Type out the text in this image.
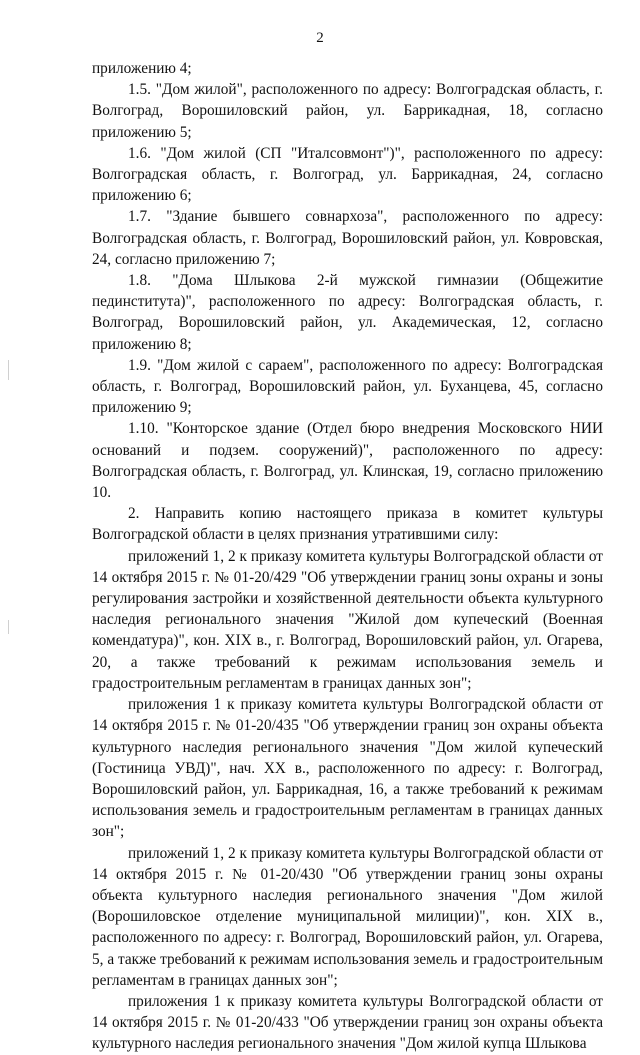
2

приложению 4;

1.5. "Дом жилой", расположенного по адресу: Волгоградская область, г. Волгоград, Ворошиловский район, ул. Баррикадная, 18, согласно приложению 5;

1.6. "Дом жилой (СП "Италсовмонт")", расположенного по адресу: Волгоградская область, г. Волгоград, ул. Баррикадная, 24, согласно приложению 6;

1.7. "Здание бывшего совнархоза", расположенного по адресу: Волгоградская область, г. Волгоград, Ворошиловский район, ул. Ковровская, 24, согласно приложению 7;

1.8. "Дома Шлыкова 2-й мужской гимназии (Общежитие пединститута)", расположенного по адресу: Волгоградская область, г. Волгоград, Ворошиловский район, ул. Академическая, 12, согласно приложению 8;

1.9. "Дом жилой с сараем", расположенного по адресу: Волгоградская область, г. Волгоград, Ворошиловский район, ул. Буханцева, 45, согласно приложению 9;

1.10. "Конторское здание (Отдел бюро внедрения Московского НИИ оснований и подзем. сооружений)", расположенного по адресу: Волгоградская область, г. Волгоград, ул. Клинская, 19, согласно приложению 10.

2. Направить копию настоящего приказа в комитет культуры Волгоградской области в целях признания утратившими силу:

приложений 1, 2 к приказу комитета культуры Волгоградской области от 14 октября 2015 г. № 01-20/429 "Об утверждении границ зоны охраны и зоны регулирования застройки и хозяйственной деятельности объекта культурного наследия регионального значения "Жилой дом купеческий (Военная комендатура)", кон. XIX в., г. Волгоград, Ворошиловский район, ул. Огарева, 20, а также требований к режимам использования земель и градостроительным регламентам в границах данных зон";

приложения 1 к приказу комитета культуры Волгоградской области от 14 октября 2015 г. № 01-20/435 "Об утверждении границ зон охраны объекта культурного наследия регионального значения "Дом жилой купеческий (Гостиница УВД)", нач. XX в., расположенного по адресу: г. Волгоград, Ворошиловский район, ул. Баррикадная, 16, а также требований к режимам использования земель и градостроительным регламентам в границах данных зон";

приложений 1, 2 к приказу комитета культуры Волгоградской области от 14 октября 2015 г. № 01-20/430 "Об утверждении границ зоны охраны объекта культурного наследия регионального значения "Дом жилой (Ворошиловское отделение муниципальной милиции)", кон. XIX в., расположенного по адресу: г. Волгоград, Ворошиловский район, ул. Огарева, 5, а также требований к режимам использования земель и градостроительным регламентам в границах данных зон";

приложения 1 к приказу комитета культуры Волгоградской области от 14 октября 2015 г. № 01-20/433 "Об утверждении границ зон охраны объекта культурного наследия регионального значения "Дом жилой купца Шлыкова
